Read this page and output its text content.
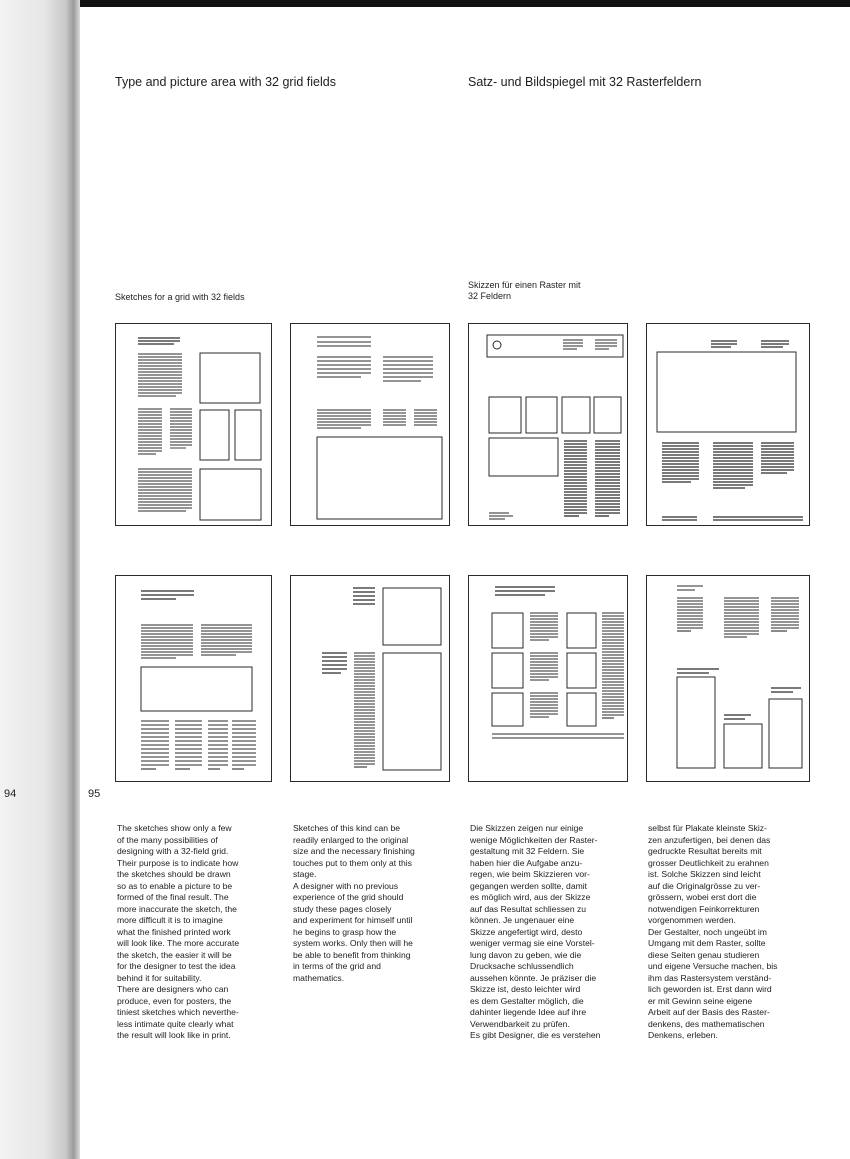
Type and picture area with 32 grid fields	Satz- und Bildspiegel mit 32 Rasterfeldern
Sketches for a grid with 32 fields
Skizzen für einen Raster mit
32 Feldern
94	95
The sketches show only a few
of the many possibilities of
designing with a 32-field grid.
Their purpose is to indicate how
the sketches should be drawn
so as to enable a picture to be
formed of the final result. The
more inaccurate the sketch, the
more difficult it is to imagine
what the finished printed work
will look like. The more accurate
the sketch, the easier it will be
for the designer to test the idea
behind it for suitability.
There are designers who can
produce, even for posters, the
tiniest sketches which neverthe-
less intimate quite clearly what
the result will look like in print.
Sketches of this kind can be
readily enlarged to the original
size and the necessary finishing
touches put to them only at this
stage.
A designer with no previous
experience of the grid should
study these pages closely
and experiment for himself until
he begins to grasp how the
system works. Only then will he
be able to benefit from thinking
in terms of the grid and
mathematics.
Die Skizzen zeigen nur einige
wenige Möglichkeiten der Raster-
gestaltung mit 32 Feldern. Sie
haben hier die Aufgabe anzu-
regen, wie beim Skizzieren vor-
gegangen werden sollte, damit
es möglich wird, aus der Skizze
auf das Resultat schliessen zu
können. Je ungenauer eine
Skizze angefertigt wird, desto
weniger vermag sie eine Vorstel-
lung davon zu geben, wie die
Drucksache schlussendlich
aussehen könnte. Je präziser die
Skizze ist, desto leichter wird
es dem Gestalter möglich, die
dahinter liegende Idee auf ihre
Verwendbarkeit zu prüfen.
Es gibt Designer, die es verstehen
selbst für Plakate kleinste Skiz-
zen anzufertigen, bei denen das
gedruckte Resultat bereits mit
grosser Deutlichkeit zu erahnen
ist. Solche Skizzen sind leicht
auf die Originalgrösse zu ver-
grössern, wobei erst dort die
notwendigen Feinkorrekturen
vorgenommen werden.
Der Gestalter, noch ungeübt im
Umgang mit dem Raster, sollte
diese Seiten genau studieren
und eigene Versuche machen, bis
ihm das Rastersystem verständ-
lich geworden ist. Erst dann wird
er mit Gewinn seine eigene
Arbeit auf der Basis des Raster-
denkens, des mathematischen
Denkens, erleben.
